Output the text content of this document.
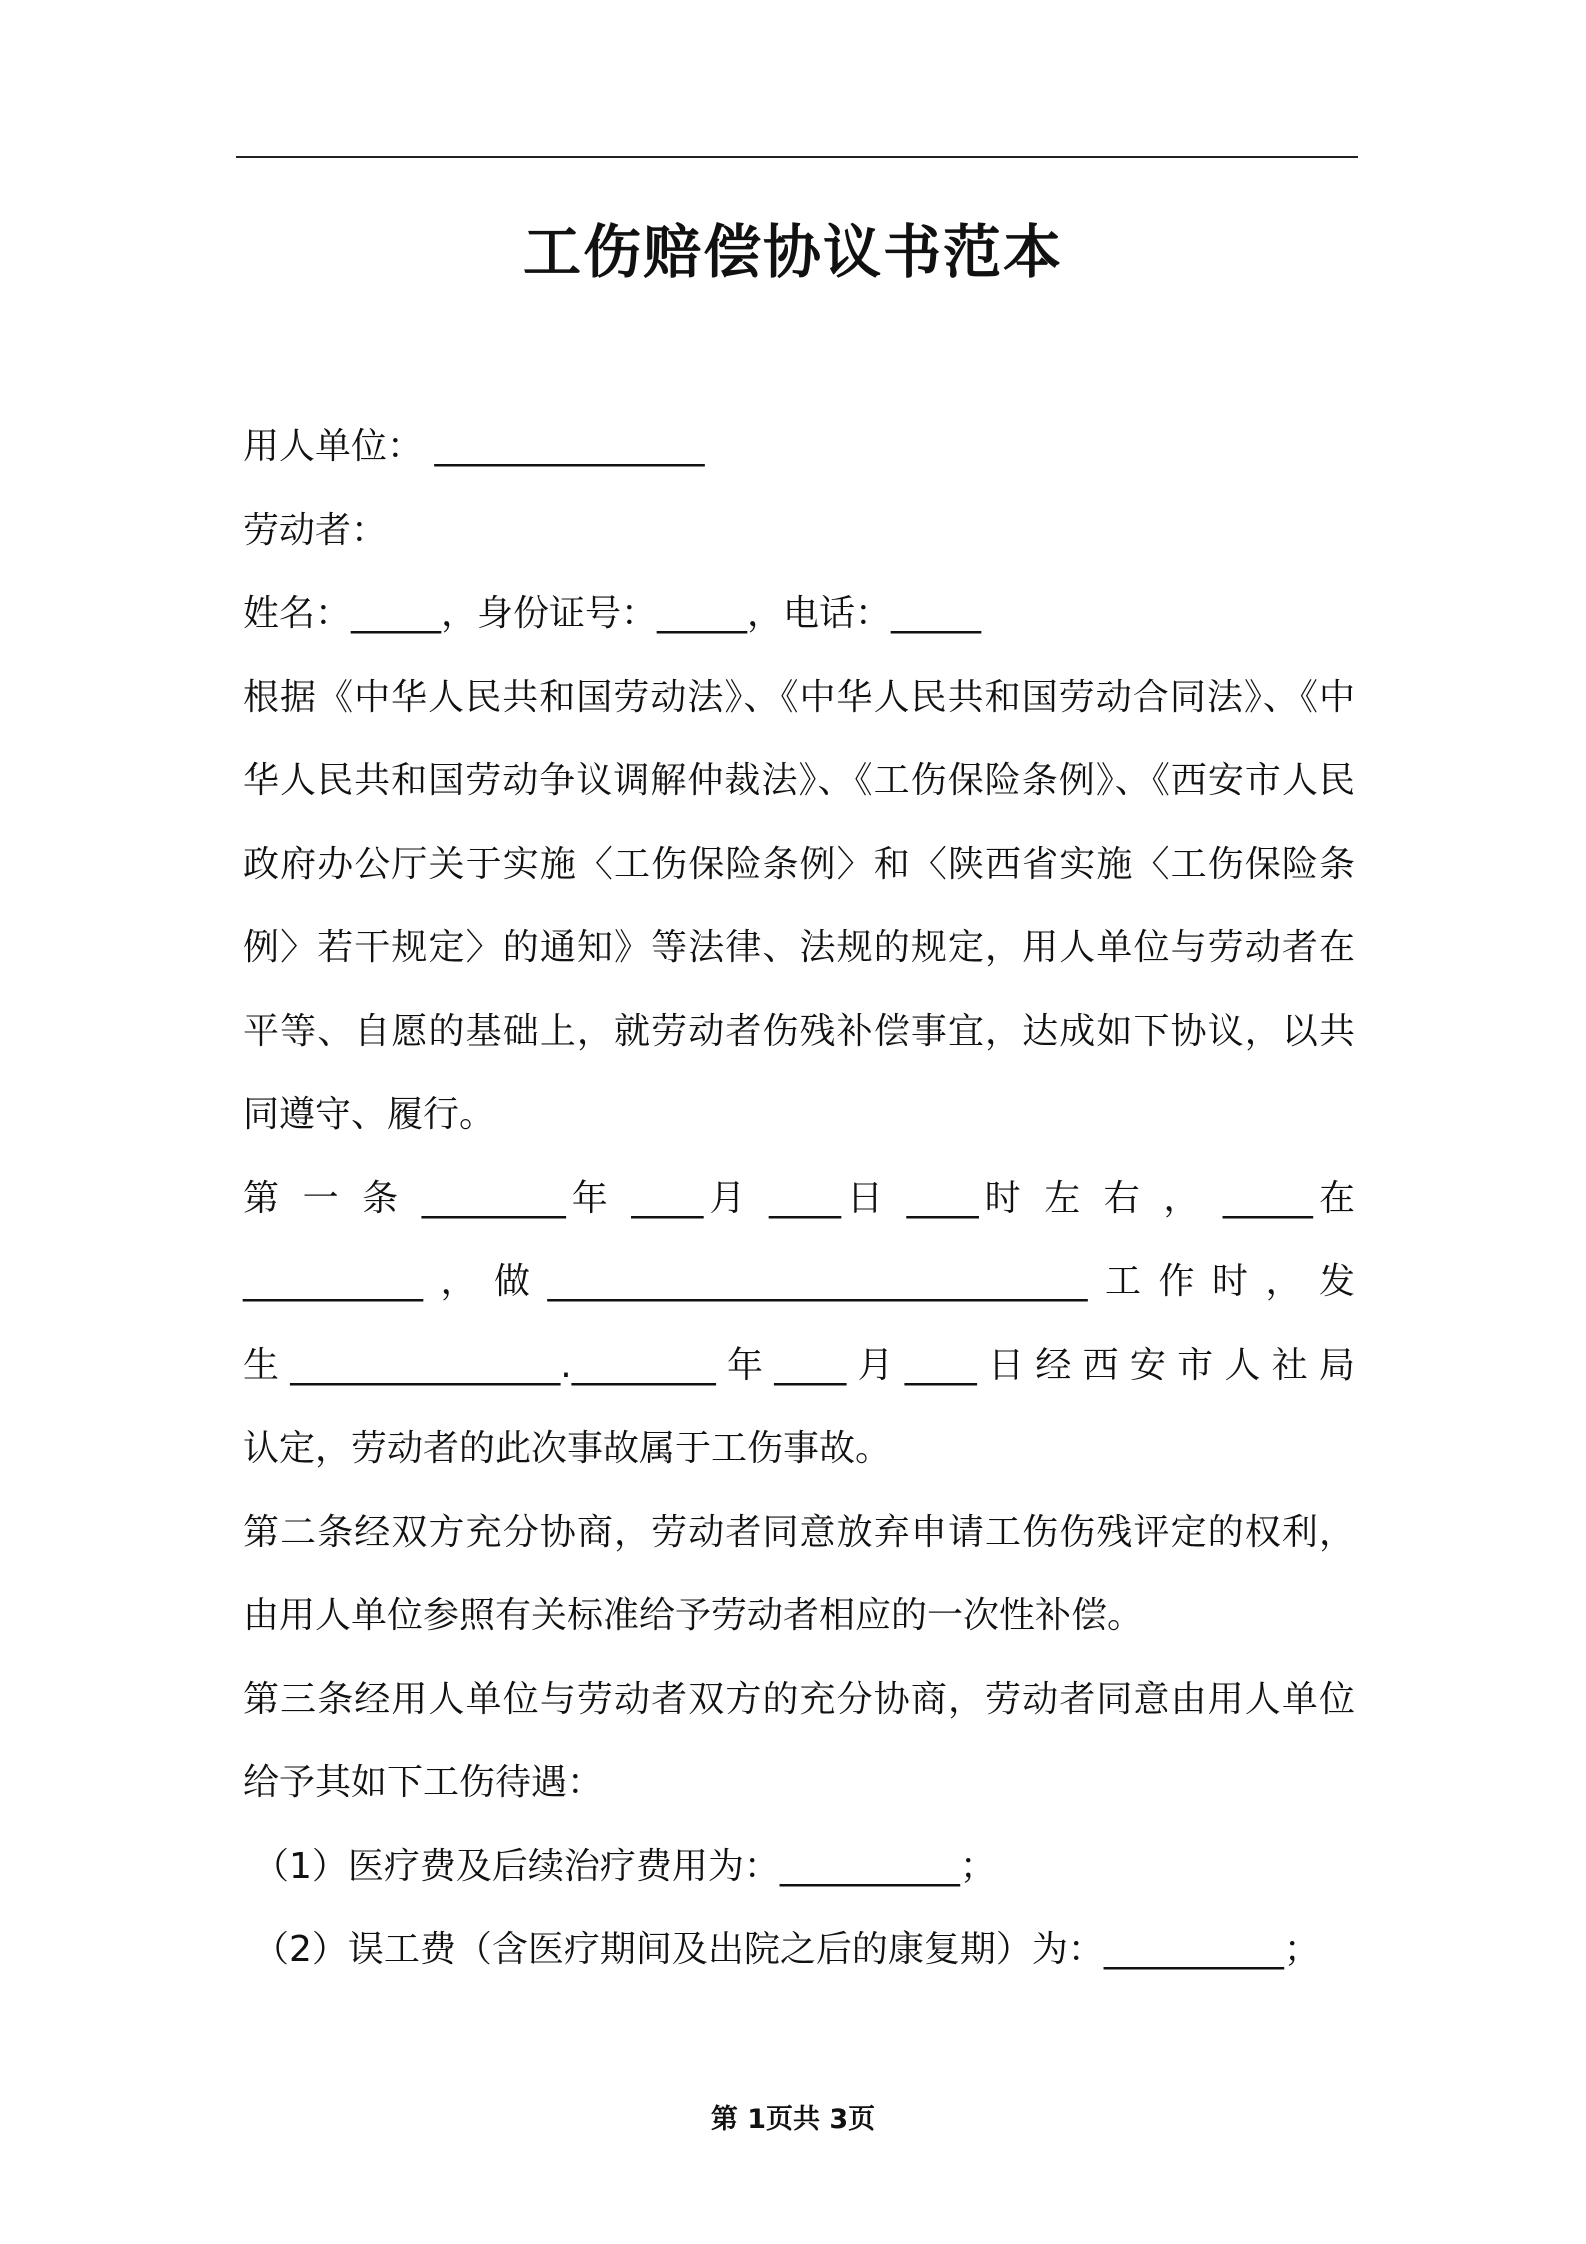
工伤赔偿协议书范本
用人单位： _______________
劳动者：
姓名：_____，身份证号：_____，电话：_____
根据《中华人民共和国劳动法》、《中华人民共和国劳动合同法》、《中
华人民共和国劳动争议调解仲裁法》、《工伤保险条例》、《西安市人民
政府办公厅关于实施〈工伤保险条例〉和〈陕西省实施〈工伤保险条
例〉若干规定〉的通知》等法律、法规的规定，用人单位与劳动者在
平等、自愿的基础上，就劳动者伤残补偿事宜，达成如下协议，以共
同遵守、履行。
第 一 条 ________年 ____月 ____日 ____时 左 右 ， _____在
__________，做______________________________工作时，发
生_______________.________年____月____日经西安市人社局
认定，劳动者的此次事故属于工伤事故。
第二条经双方充分协商，劳动者同意放弃申请工伤伤残评定的权利，
由用人单位参照有关标准给予劳动者相应的一次性补偿。
第三条经用人单位与劳动者双方的充分协商，劳动者同意由用人单位
给予其如下工伤待遇：
（1）医疗费及后续治疗费用为：__________；
（2）误工费（含医疗期间及出院之后的康复期）为：__________；
第 1页共 3页
